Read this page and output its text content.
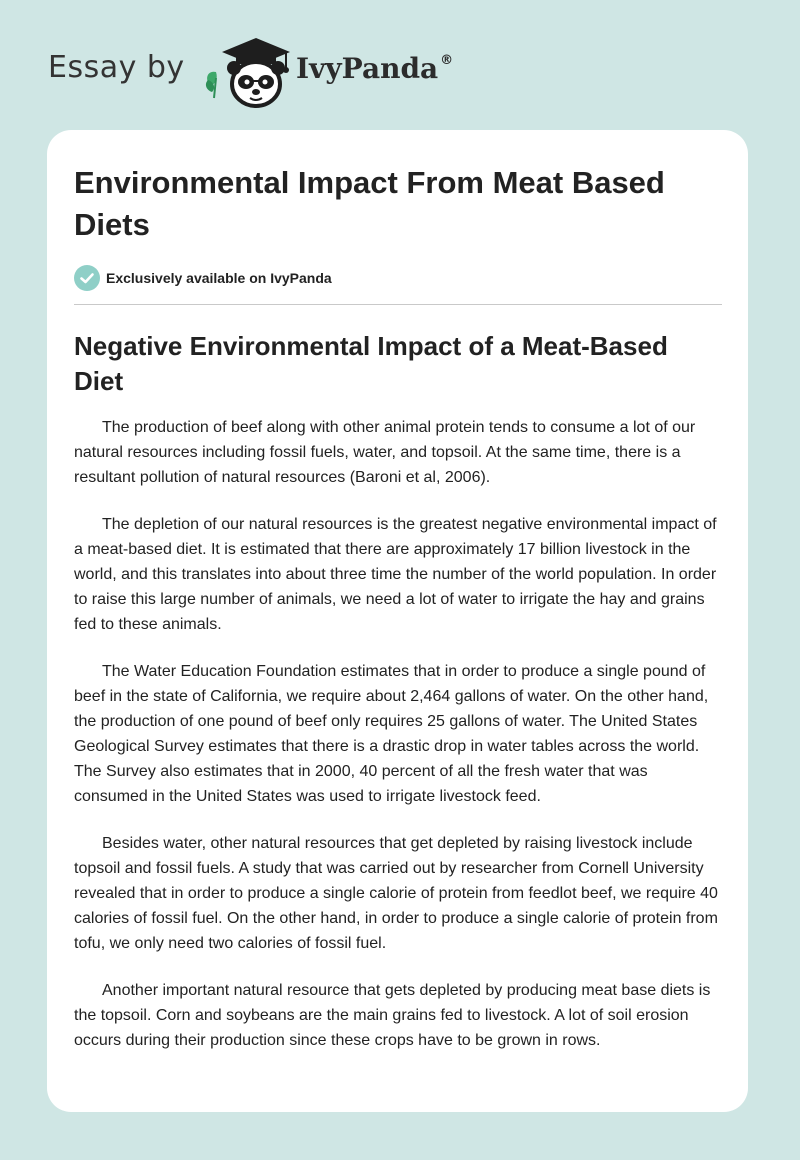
Essay by	IvyPanda ®
Environmental Impact From Meat Based Diets
Exclusively available on IvyPanda
Negative Environmental Impact of a Meat-Based Diet

The production of beef along with other animal protein tends to consume a lot of our natural resources including fossil fuels, water, and topsoil. At the same time, there is a resultant pollution of natural resources (Baroni et al, 2006).

The depletion of our natural resources is the greatest negative environmental impact of a meat-based diet. It is estimated that there are approximately 17 billion livestock in the world, and this translates into about three time the number of the world population. In order to raise this large number of animals, we need a lot of water to irrigate the hay and grains fed to these animals.

The Water Education Foundation estimates that in order to produce a single pound of beef in the state of California, we require about 2,464 gallons of water. On the other hand, the production of one pound of beef only requires 25 gallons of water. The United States Geological Survey estimates that there is a drastic drop in water tables across the world. The Survey also estimates that in 2000, 40 percent of all the fresh water that was consumed in the United States was used to irrigate livestock feed.

Besides water, other natural resources that get depleted by raising livestock include topsoil and fossil fuels. A study that was carried out by researcher from Cornell University revealed that in order to produce a single calorie of protein from feedlot beef, we require 40 calories of fossil fuel. On the other hand, in order to produce a single calorie of protein from tofu, we only need two calories of fossil fuel.

Another important natural resource that gets depleted by producing meat base diets is the topsoil. Corn and soybeans are the main grains fed to livestock. A lot of soil erosion occurs during their production since these crops have to be grown in rows.
